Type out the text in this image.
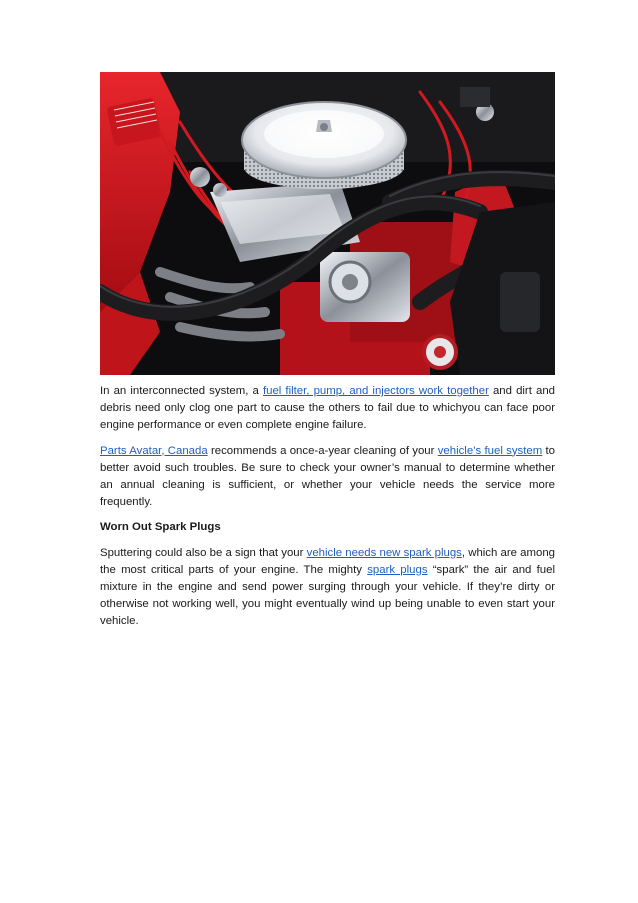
In an interconnected system, a fuel filter, pump, and injectors work together and dirt and debris need only clog one part to cause the others to fail due to whichyou can face poor engine performance or even complete engine failure.

Parts Avatar, Canada recommends a once-a-year cleaning of your vehicle’s fuel system to better avoid such troubles. Be sure to check your owner’s manual to determine whether an annual cleaning is sufficient, or whether your vehicle needs the service more frequently.

Worn Out Spark Plugs

Sputtering could also be a sign that your vehicle needs new spark plugs, which are among the most critical parts of your engine. The mighty spark plugs “spark” the air and fuel mixture in the engine and send power surging through your vehicle. If they’re dirty or otherwise not working well, you might eventually wind up being unable to even start your vehicle.
